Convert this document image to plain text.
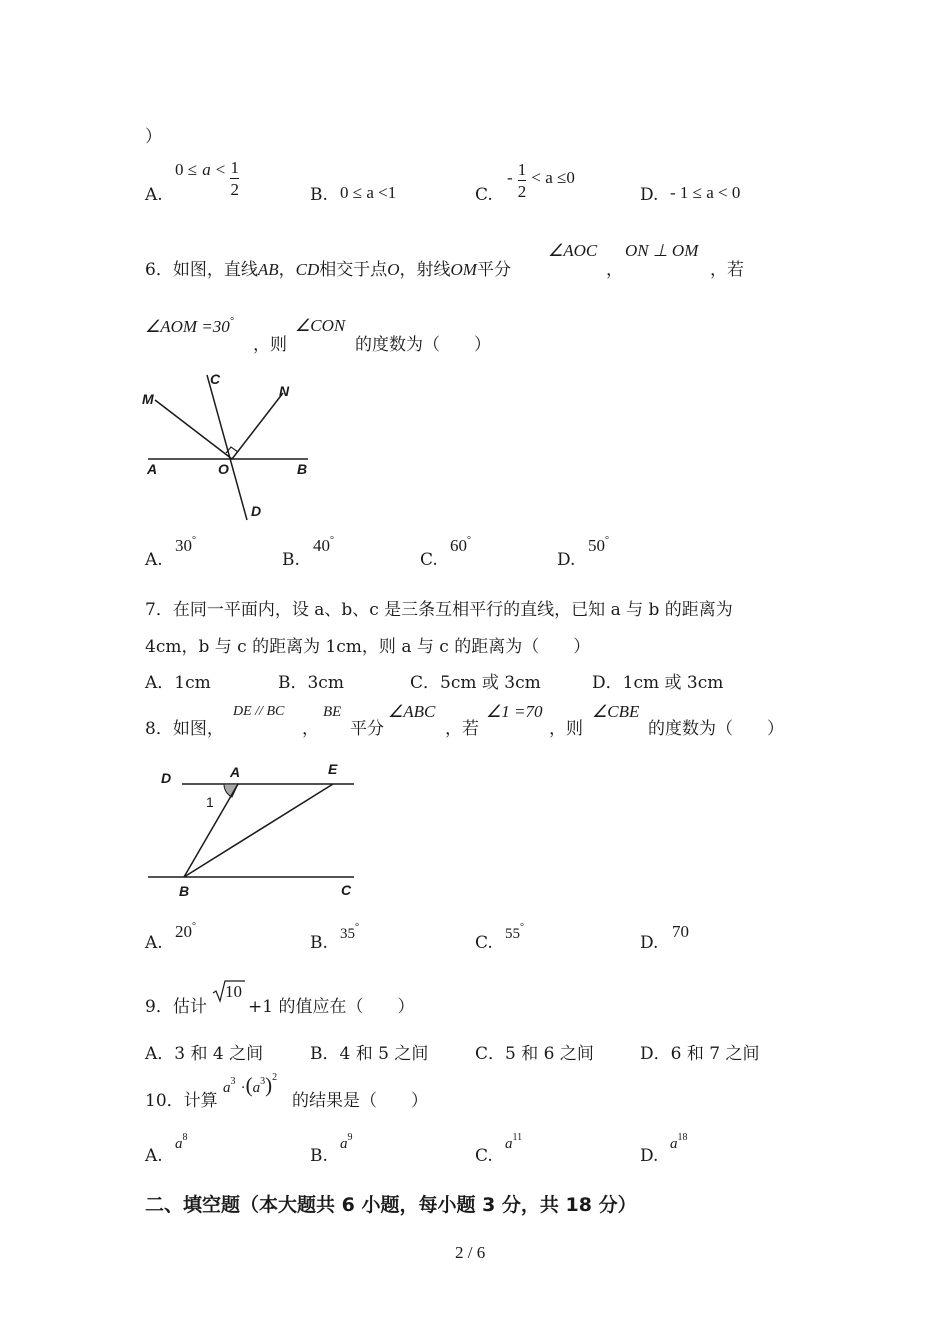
）
A.
$0 \le a < \frac{1}{2}$	B. 0 ≤ a <1	C.
- $\frac{1}{2} < a \le 0$
D. - 1 ≤ a < 0
6．如图，直线AB，CD相交于点O，射线OM平分
∠AOC
，
ON ⊥ OM
，若
∠AOM =30°
，则
∠CON
的度数为（　　）
M
C
N
A	O	B
D
A.
30°
B.
40°
C.
60°
D.
50°
7．在同一平面内，设 a、b、c 是三条互相平行的直线，已知 a 与 b 的距离为
4cm，b 与 c 的距离为 1cm，则 a 与 c 的距离为（　　）
A．1cm	B．3cm	C．5cm 或 3cm	D．1cm 或 3cm
8．如图，
DE // BC
，
BE
平分
∠ABC
，若
∠1 =70
，则
∠CBE
的度数为（　　）
D	A	E
1
B	C
A.
20°
B. 35°
C. 55°
D.
70
9．估计
10
+1 的值应在（　　）
A．3 和 4 之间	B．4 和 5 之间	C．5 和 6 之间	D．6 和 7 之间
10．计算
$a^3 \cdot(a^3)^2$
的结果是（　　）
A.
$a^8$
B.
$a^9$
C.
$a^{11}$
D.
$a^{18}$
二、填空题（本大题共 6 小题，每小题 3 分，共 18 分）
2 / 6
